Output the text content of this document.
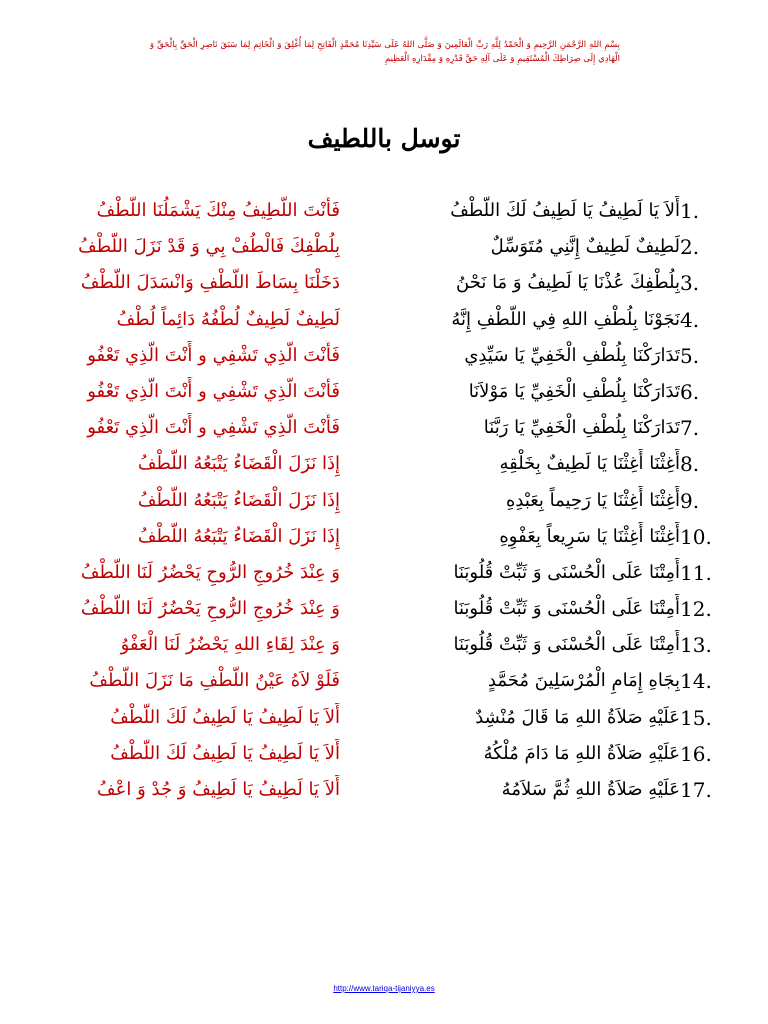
بِسْمِ اللهِ الرَّحْمَنِ الرَّحِيمِ وَ الْحَمْدُ لِلَّهِ رَبِّ الْعَالَمِينَ وَ صَلَّى اللهُ عَلَى سَيِّدِنَا مُحَمَّدٍ الْفَاتِحِ لِمَا أُغْلِقَ وَ الْخَاتِمِ لِمَا سَبَقَ نَاصِرِ الْحَقِّ بِالْحَقِّ وَ الْهَادِي إِلَى صِرَاطِكَ الْمُسْتَقِيمِ وَ عَلَى آلِهِ حَقَّ قَدْرِهِ وَ مِقْدَارِهِ الْعَظِيمِ
توسل باللطيف
1.
أَلاَ يَا لَطِيفُ يَا لَطِيفُ لَكَ اللُّطْفُ
فَأَنْتَ اللَّطِيفُ مِنْكَ يَشْمَلُنَا اللُّطْفُ
2.
لَطِيفٌ لَطِيفٌ إِنَّنِي مُتَوَسِّلٌ
بِلُطْفِكَ فَالْطُفْ بِي وَ قَدْ نَزَلَ اللُّطْفُ
3.
بِلُطْفِكَ عُذْنَا يَا لَطِيفُ وَ مَا نَحْنُ
دَخَلْنَا بِسَاطَ اللُّطْفِ وَانْسَدَلَ اللُّطْفُ
4.
نَجَوْنَا بِلُطْفِ اللهِ فِي اللُّطْفِ إِنَّهُ
لَطِيفٌ لَطِيفٌ لُطْفُهُ دَائِماً لُطْفُ
5.
تَدَارَكْنَا بِلُطْفِ الْخَفِيِّ يَا سَيِّدِي
فَأَنْتَ الَّذِي تَشْفِي و أَنْتَ الَّذِي تَعْفُو
6.
تَدَارَكْنَا بِلُطْفِ الْخَفِيِّ يَا مَوْلاَنَا
فَأَنْتَ الَّذِي تَشْفِي و أَنْتَ الَّذِي تَعْفُو
7.
تَدَارَكْنَا بِلُطْفِ الْخَفِيِّ يَا رَبَّنَا
فَأَنْتَ الَّذِي تَشْفِي و أَنْتَ الَّذِي تَعْفُو
8.
أَغِثْنَا أَغِثْنَا يَا لَطِيفٌ بِخَلْقِهِ
إِذَا نَزَلَ الْقَضَاءُ يَتْبَعُهُ اللُّطْفُ
9.
أَغِثْنَا أَغِثْنَا يَا رَحِيماً بِعَبْدِهِ
إِذَا نَزَلَ الْقَضَاءُ يَتْبَعُهُ اللُّطْفُ
10.
أَغِثْنَا أَغِثْنَا يَا سَرِيعاً بِعَفْوِهِ
إِذَا نَزَلَ الْقَضَاءُ يَتْبَعُهُ اللُّطْفُ
11.
أَمِتْنَا عَلَى الْحُسْنَى وَ ثَبِّتْ قُلُوبَنَا
وَ عِنْدَ خُرُوجِ الرُّوحِ يَحْضُرُ لَنَا اللُّطْفُ
12.
أَمِتْنَا عَلَى الْحُسْنَى وَ ثَبِّتْ قُلُوبَنَا
وَ عِنْدَ خُرُوجِ الرُّوحِ يَحْضُرُ لَنَا اللُّطْفُ
13.
أَمِتْنَا عَلَى الْحُسْنَى وَ ثَبِّتْ قُلُوبَنَا
وَ عِنْدَ لِقَاءِ اللهِ يَحْضُرُ لَنَا الْعَفْوُ
14.
بِجَاهِ إِمَامِ الْمُرْسَلِينَ مُحَمَّدٍ
فَلَوْ لاَهُ عَيْنُ اللُّطْفِ مَا نَزَلَ اللُّطْفُ
15.
عَلَيْهِ صَلاَةُ اللهِ مَا قَالَ مُنْشِدٌ
أَلاَ يَا لَطِيفُ يَا لَطِيفُ لَكَ اللُّطْفُ
16.
عَلَيْهِ صَلاَةُ اللهِ مَا دَامَ مُلْكُهُ
أَلاَ يَا لَطِيفُ يَا لَطِيفُ لَكَ اللُّطْفُ
17.
عَلَيْهِ صَلاَةُ اللهِ ثُمَّ سَلاَمُهُ
أَلاَ يَا لَطِيفُ يَا لَطِيفُ وَ جُدْ وَ اعْفُ
http://www.tariqa-tijaniyya.es
